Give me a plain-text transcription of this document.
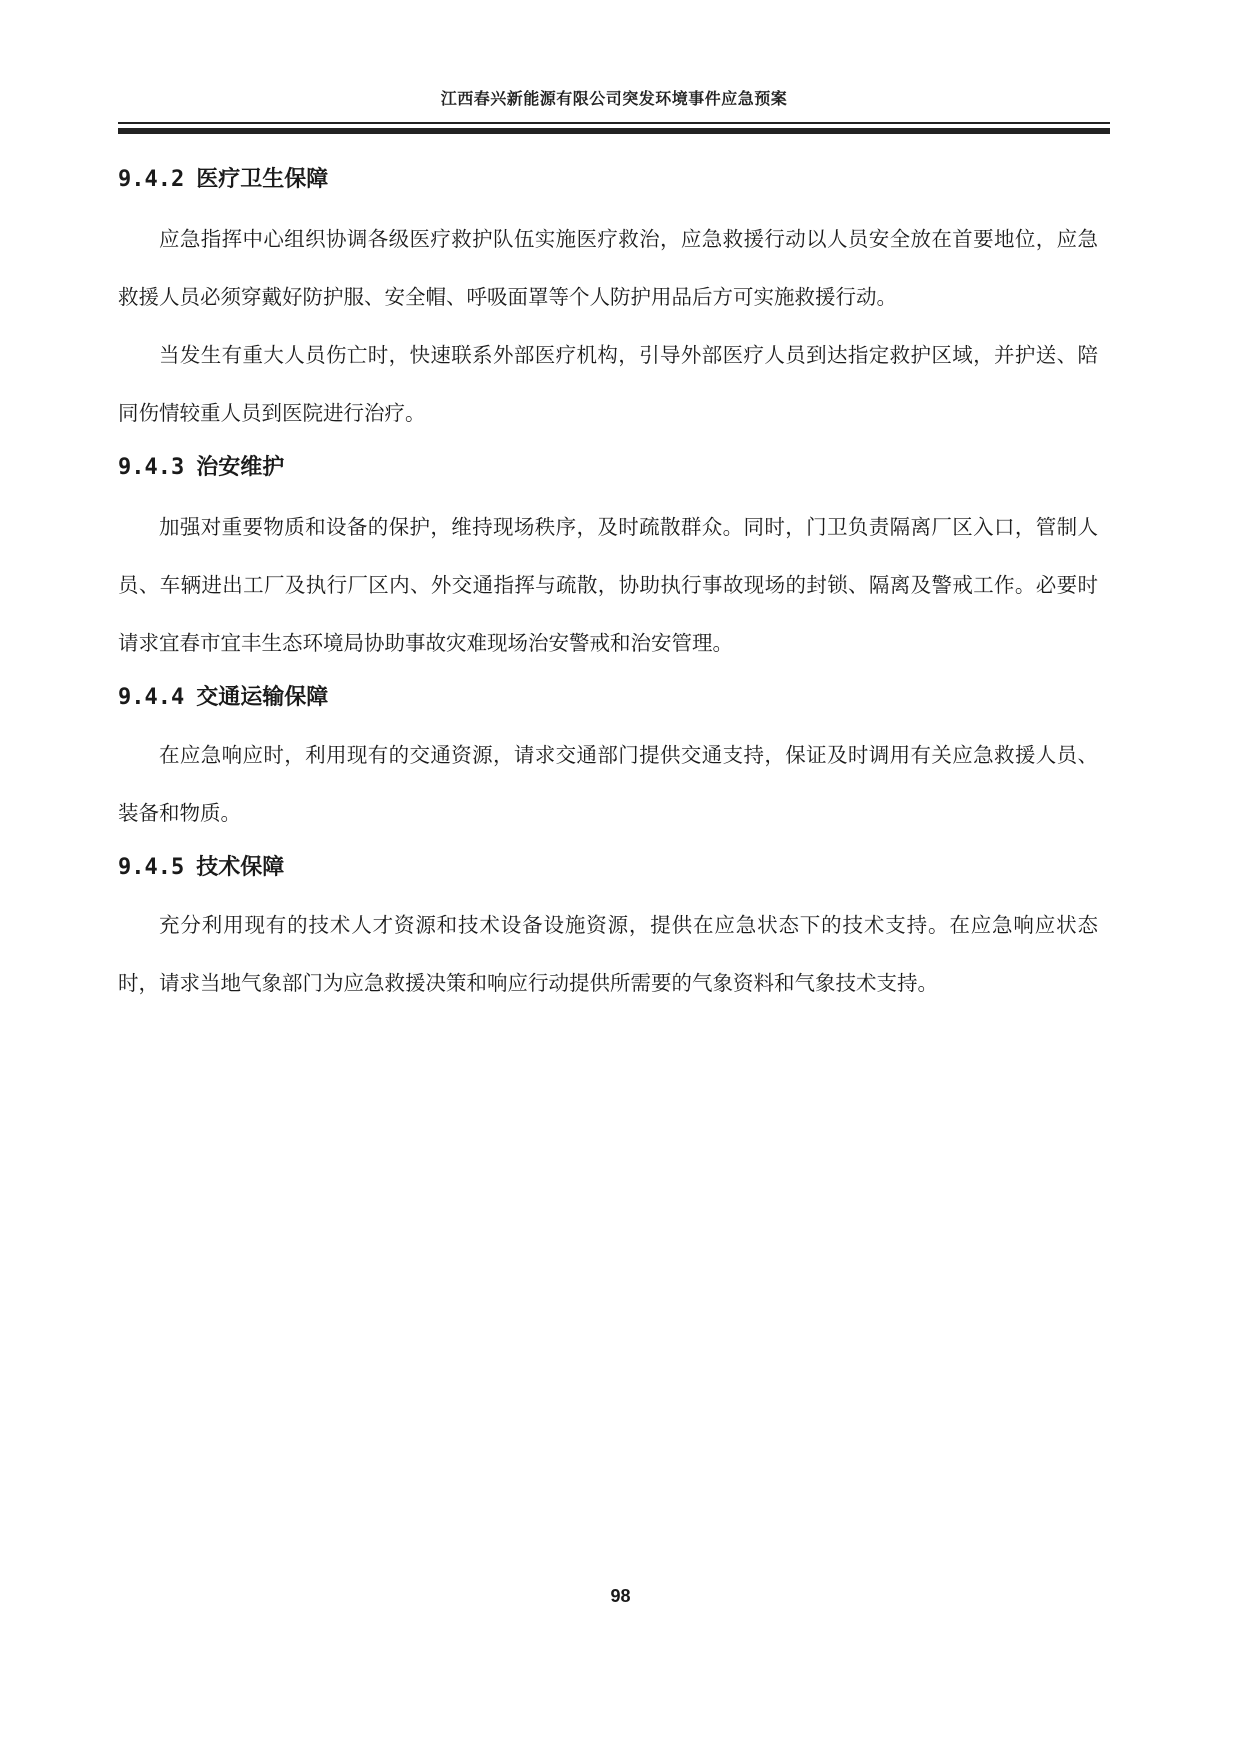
江西春兴新能源有限公司突发环境事件应急预案
9.4.2 医疗卫生保障

应急指挥中心组织协调各级医疗救护队伍实施医疗救治，应急救援行动以人员安全放在首要地位，应急救援人员必须穿戴好防护服、安全帽、呼吸面罩等个人防护用品后方可实施救援行动。

当发生有重大人员伤亡时，快速联系外部医疗机构，引导外部医疗人员到达指定救护区域，并护送、陪同伤情较重人员到医院进行治疗。

9.4.3 治安维护

加强对重要物质和设备的保护，维持现场秩序，及时疏散群众。同时，门卫负责隔离厂区入口，管制人员、车辆进出工厂及执行厂区内、外交通指挥与疏散，协助执行事故现场的封锁、隔离及警戒工作。必要时请求宜春市宜丰生态环境局协助事故灾难现场治安警戒和治安管理。

9.4.4 交通运输保障

在应急响应时，利用现有的交通资源，请求交通部门提供交通支持，保证及时调用有关应急救援人员、装备和物质。

9.4.5 技术保障

充分利用现有的技术人才资源和技术设备设施资源，提供在应急状态下的技术支持。在应急响应状态时，请求当地气象部门为应急救援决策和响应行动提供所需要的气象资料和气象技术支持。

98
